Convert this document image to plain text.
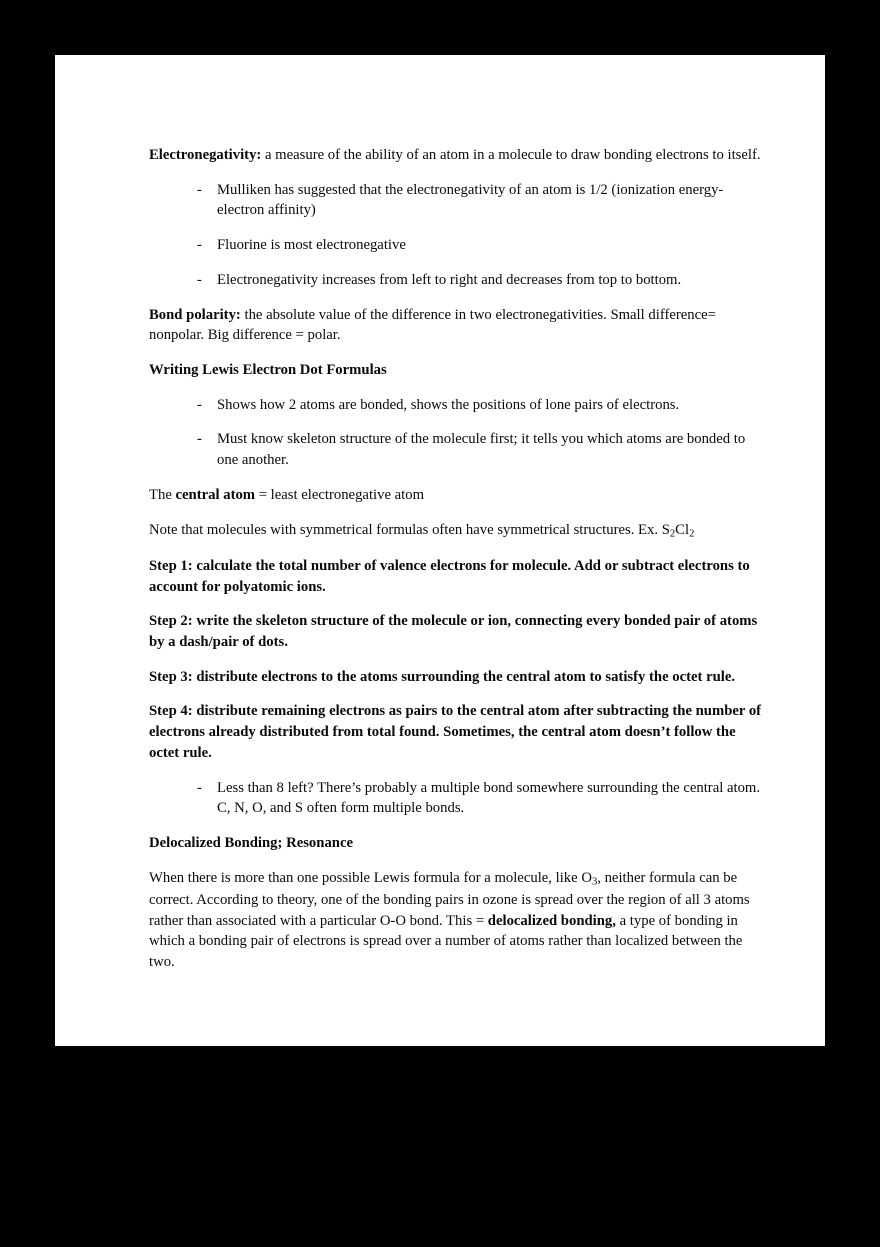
Electronegativity: a measure of the ability of an atom in a molecule to draw bonding electrons to itself.

- Mulliken has suggested that the electronegativity of an atom is 1/2 (ionization energy-electron affinity)
- Fluorine is most electronegative
- Electronegativity increases from left to right and decreases from top to bottom.

Bond polarity: the absolute value of the difference in two electronegativities. Small difference= nonpolar. Big difference = polar.

Writing Lewis Electron Dot Formulas

- Shows how 2 atoms are bonded, shows the positions of lone pairs of electrons.
- Must know skeleton structure of the molecule first; it tells you which atoms are bonded to one another.

The central atom = least electronegative atom

Note that molecules with symmetrical formulas often have symmetrical structures. Ex. $S_2Cl_2$

Step 1: calculate the total number of valence electrons for molecule. Add or subtract electrons to account for polyatomic ions.

Step 2: write the skeleton structure of the molecule or ion, connecting every bonded pair of atoms by a dash/pair of dots.

Step 3: distribute electrons to the atoms surrounding the central atom to satisfy the octet rule.

Step 4: distribute remaining electrons as pairs to the central atom after subtracting the number of electrons already distributed from total found. Sometimes, the central atom doesn’t follow the octet rule.

- Less than 8 left? There’s probably a multiple bond somewhere surrounding the central atom. C, N, O, and S often form multiple bonds.

Delocalized Bonding; Resonance

When there is more than one possible Lewis formula for a molecule, like $O_3$, neither formula can be correct. According to theory, one of the bonding pairs in ozone is spread over the region of all 3 atoms rather than associated with a particular O-O bond. This = delocalized bonding, a type of bonding in which a bonding pair of electrons is spread over a number of atoms rather than localized between the two.
